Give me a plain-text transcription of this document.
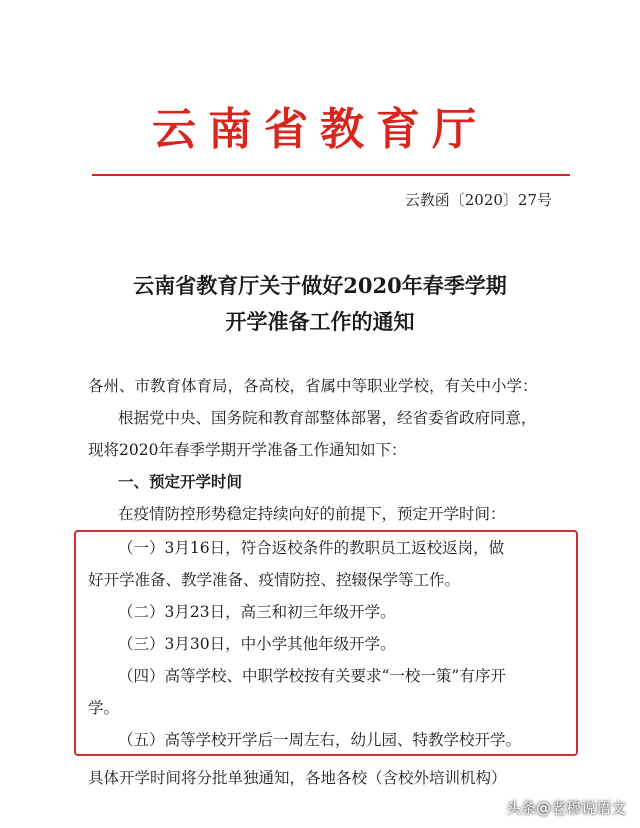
云南省教育厅
云教函〔2020〕27号
云南省教育厅关于做好2020年春季学期
开学准备工作的通知
各州、市教育体育局，各高校，省属中等职业学校，有关中小学：
根据党中央、国务院和教育部整体部署，经省委省政府同意，
现将2020年春季学期开学准备工作通知如下：
一、预定开学时间
在疫情防控形势稳定持续向好的前提下，预定开学时间：
（一）3月16日，符合返校条件的教职员工返校返岗，做
好开学准备、教学准备、疫情防控、控辍保学等工作。
（二）3月23日，高三和初三年级开学。
（三）3月30日，中小学其他年级开学。
（四）高等学校、中职学校按有关要求“一校一策”有序开
学。
（五）高等学校开学后一周左右，幼儿园、特教学校开学。
具体开学时间将分批单独通知，各地各校（含校外培训机构）
头条@老穆说语文
